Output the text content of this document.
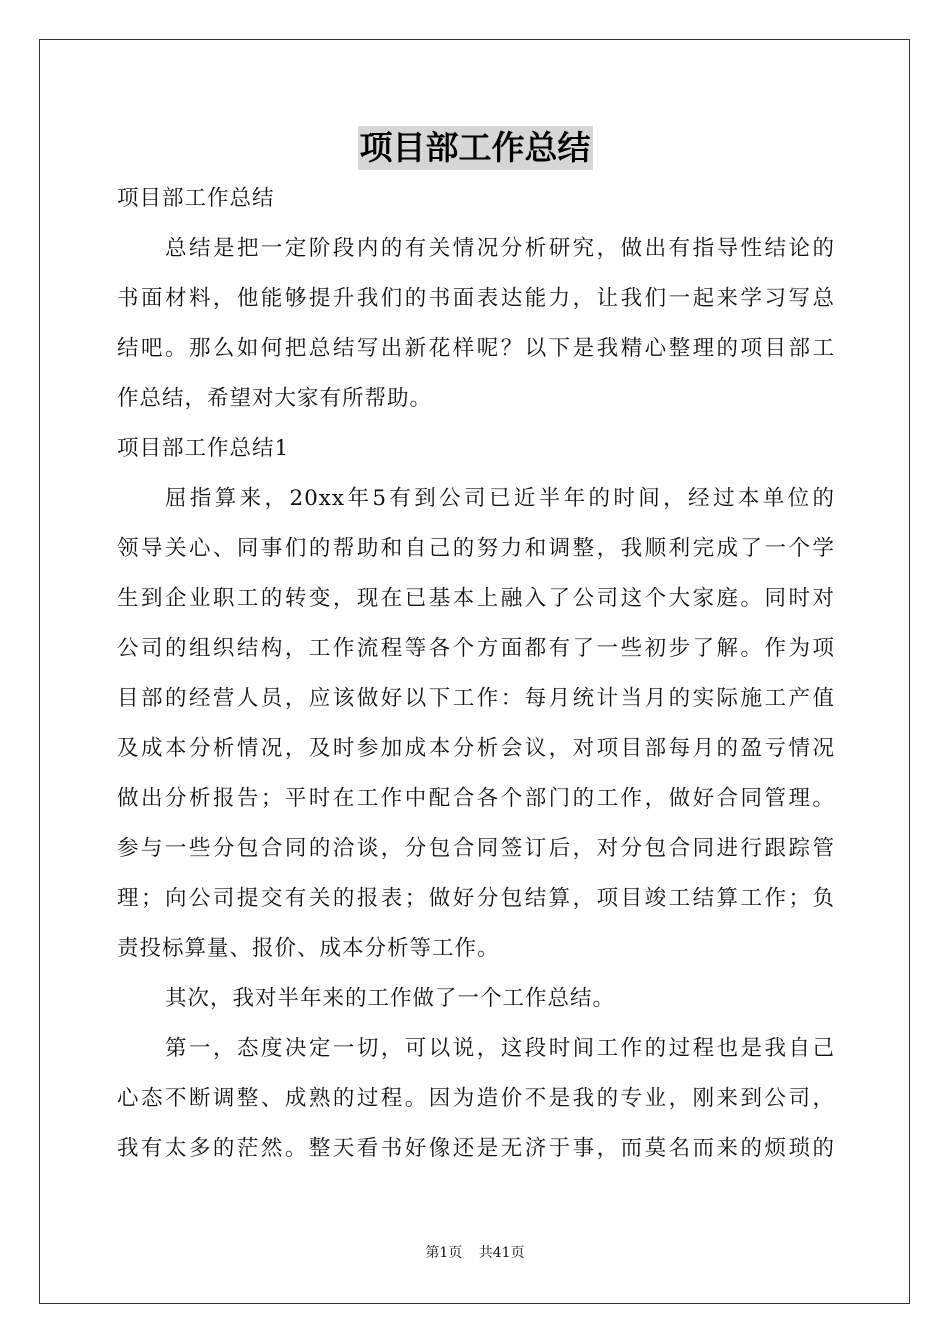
项目部工作总结
项目部工作总结
总结是把一定阶段内的有关情况分析研究，做出有指导性结论的
书面材料，他能够提升我们的书面表达能力，让我们一起来学习写总
结吧。那么如何把总结写出新花样呢？以下是我精心整理的项目部工
作总结，希望对大家有所帮助。
项目部工作总结1
屈指算来，20xx年5有到公司已近半年的时间，经过本单位的
领导关心、同事们的帮助和自己的努力和调整，我顺利完成了一个学
生到企业职工的转变，现在已基本上融入了公司这个大家庭。同时对
公司的组织结构，工作流程等各个方面都有了一些初步了解。作为项
目部的经营人员，应该做好以下工作：每月统计当月的实际施工产值
及成本分析情况，及时参加成本分析会议，对项目部每月的盈亏情况
做出分析报告；平时在工作中配合各个部门的工作，做好合同管理。
参与一些分包合同的洽谈，分包合同签订后，对分包合同进行跟踪管
理；向公司提交有关的报表；做好分包结算，项目竣工结算工作；负
责投标算量、报价、成本分析等工作。
其次，我对半年来的工作做了一个工作总结。
第一，态度决定一切，可以说，这段时间工作的过程也是我自己
心态不断调整、成熟的过程。因为造价不是我的专业，刚来到公司，
我有太多的茫然。整天看书好像还是无济于事，而莫名而来的烦琐的
第1页 共41页
